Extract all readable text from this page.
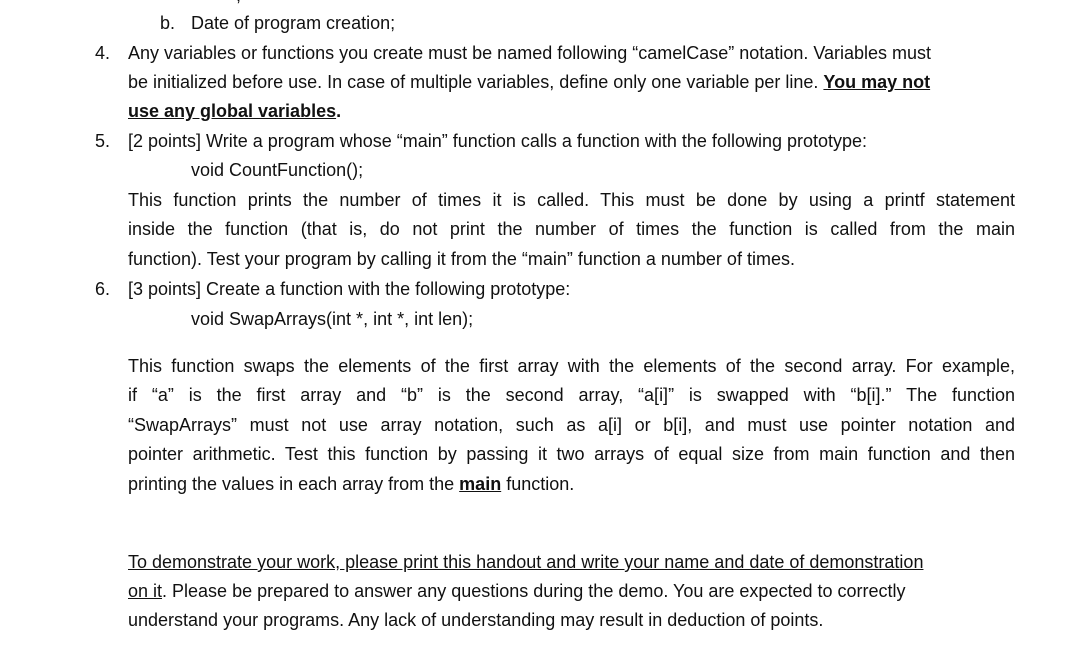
b. Date of program creation;
4. Any variables or functions you create must be named following “camelCase” notation. Variables must
be initialized before use. In case of multiple variables, define only one variable per line. You may not
use any global variables.
5. [2 points] Write a program whose “main” function calls a function with the following prototype:
void CountFunction();
This function prints the number of times it is called. This must be done by using a printf statement
inside the function (that is, do not print the number of times the function is called from the main
function). Test your program by calling it from the “main” function a number of times.
6. [3 points] Create a function with the following prototype:
void SwapArrays(int *, int *, int len);
This function swaps the elements of the first array with the elements of the second array. For example,
if “a” is the first array and “b” is the second array, “a[i]” is swapped with “b[i].” The function
“SwapArrays” must not use array notation, such as a[i] or b[i], and must use pointer notation and
pointer arithmetic. Test this function by passing it two arrays of equal size from main function and then
printing the values in each array from the main function.
To demonstrate your work, please print this handout and write your name and date of demonstration
on it. Please be prepared to answer any questions during the demo. You are expected to correctly
understand your programs. Any lack of understanding may result in deduction of points.
